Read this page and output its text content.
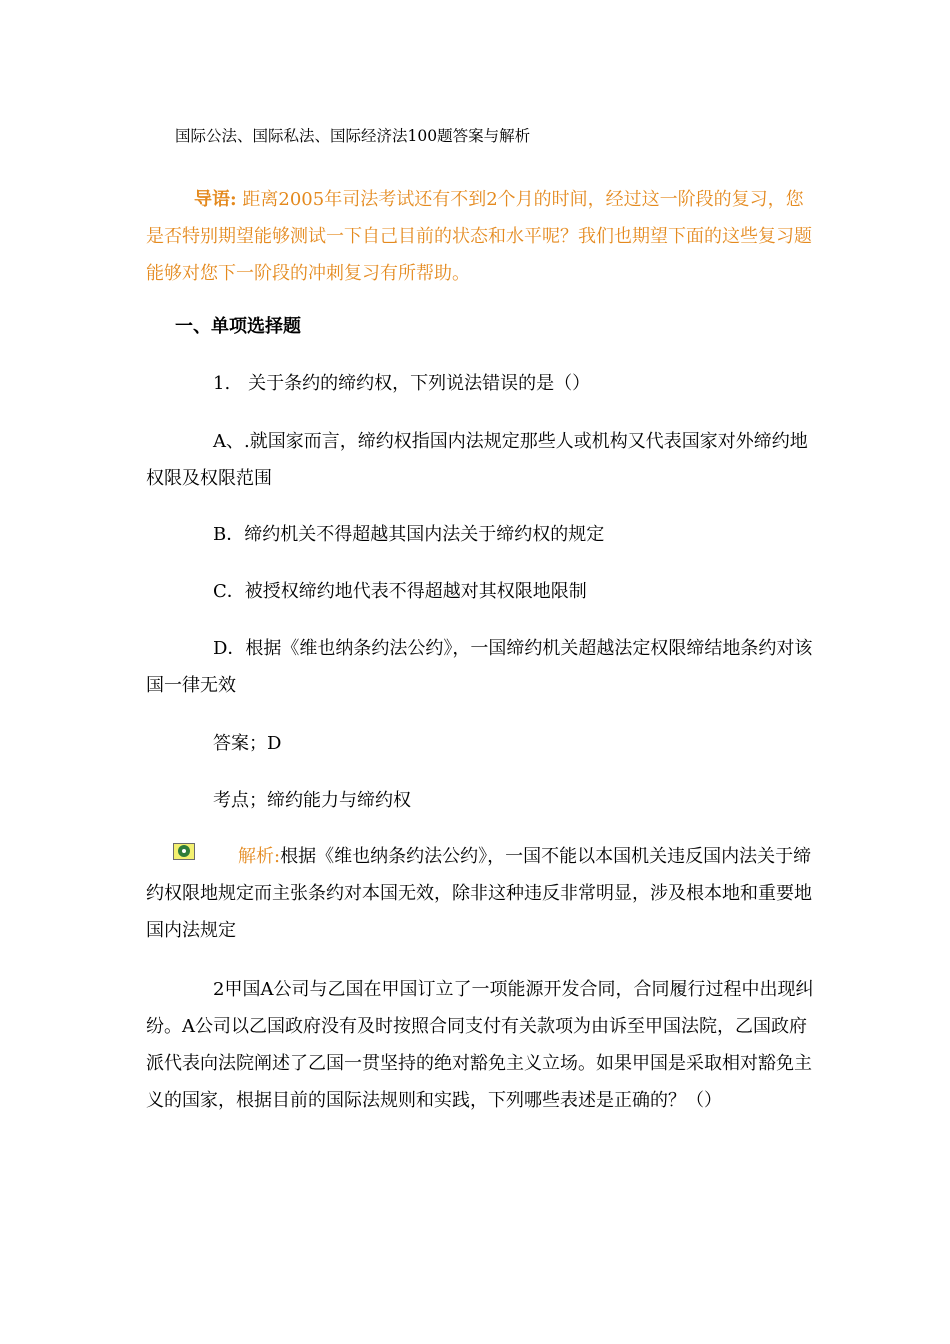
国际公法、国际私法、国际经济法100题答案与解析
导语: 距离2005年司法考试还有不到2个月的时间，经过这一阶段的复习，您是否特别期望能够测试一下自己目前的状态和水平呢？我们也期望下面的这些复习题能够对您下一阶段的冲刺复习有所帮助。
一、单项选择题
1.　关于条约的缔约权，下列说法错误的是（）
A、.就国家而言，缔约权指国内法规定那些人或机构又代表国家对外缔约地权限及权限范围
B．缔约机关不得超越其国内法关于缔约权的规定
C．被授权缔约地代表不得超越对其权限地限制
D．根据《维也纳条约法公约》，一国缔约机关超越法定权限缔结地条约对该国一律无效
答案；D
考点；缔约能力与缔约权
解析:根据《维也纳条约法公约》，一国不能以本国机关违反国内法关于缔约权限地规定而主张条约对本国无效，除非这种违反非常明显，涉及根本地和重要地国内法规定
2甲国A公司与乙国在甲国订立了一项能源开发合同，合同履行过程中出现纠纷。A公司以乙国政府没有及时按照合同支付有关款项为由诉至甲国法院，乙国政府派代表向法院阐述了乙国一贯坚持的绝对豁免主义立场。如果甲国是采取相对豁免主义的国家，根据目前的国际法规则和实践，下列哪些表述是正确的？（）
